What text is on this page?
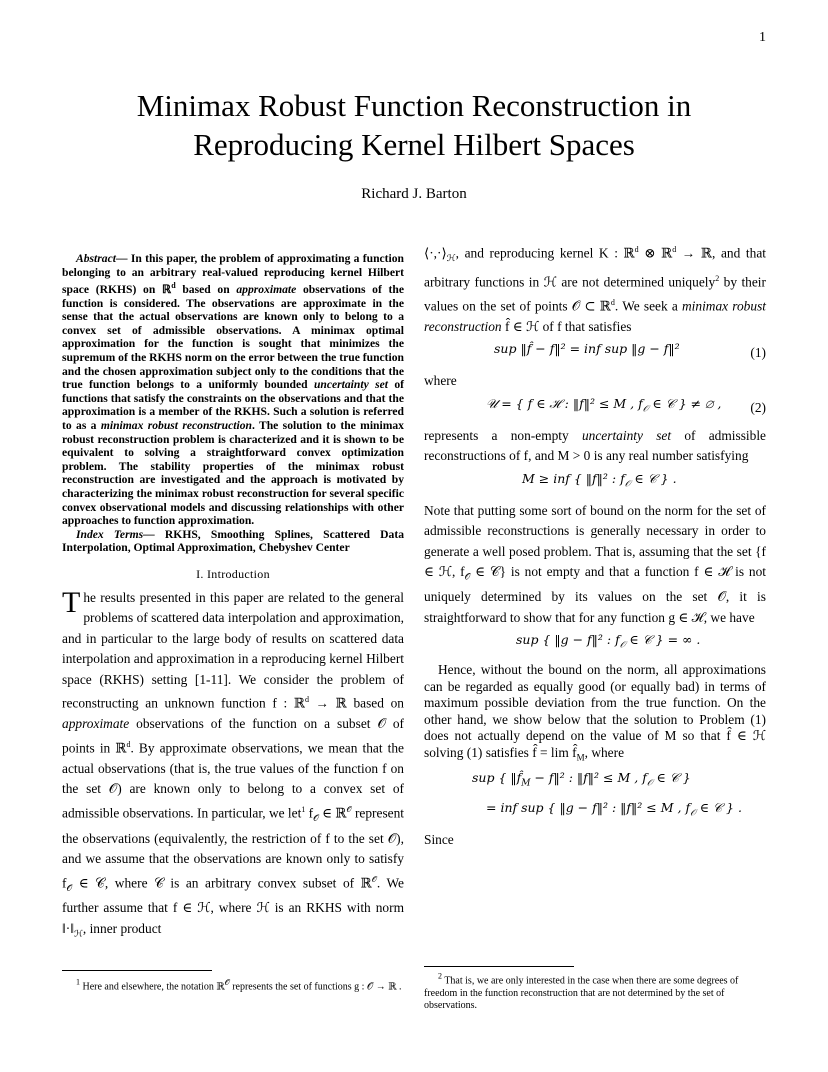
1
Minimax Robust Function Reconstruction in
Reproducing Kernel Hilbert Spaces
Richard J. Barton

Abstract— In this paper, the problem of approximating a function belonging to an arbitrary real-valued reproducing kernel Hilbert space (RKHS) on ℝ$^d$ based on approximate observations of the function is considered. The observations are approximate in the sense that the actual observations are known only to belong to a convex set of admissible observations. A minimax optimal approximation for the function is sought that minimizes the supremum of the RKHS norm on the error between the true function and the chosen approximation subject only to the conditions that the true function belongs to a uniformly bounded uncertainty set of functions that satisfy the constraints on the observations and that the approximation is a member of the RKHS. Such a solution is referred to as a minimax robust reconstruction. The solution to the minimax robust reconstruction problem is characterized and it is shown to be equivalent to solving a straightforward convex optimization problem. The stability properties of the minimax robust reconstruction are investigated and the approach is motivated by characterizing the minimax robust reconstruction for several specific convex observational models and discussing relationships with other approaches to function approximation.

Index Terms— RKHS, Smoothing Splines, Scattered Data Interpolation, Optimal Approximation, Chebyshev Center

I. Introduction

The results presented in this paper are related to the general problems of scattered data interpolation and approximation, and in particular to the large body of results on scattered data interpolation and approximation in a reproducing kernel Hilbert space (RKHS) setting [1-11]. We consider the problem of reconstructing an unknown function f : ℝ$^d$ → ℝ based on approximate observations of the function on a subset 𝒪 of points in ℝ$^d$. By approximate observations, we mean that the actual observations (that is, the true values of the function f on the set 𝒪) are known only to belong to a convex set of admissible observations. In particular, we let$^1$ $f_𝒪$ ∈ ℝ$^𝒪$ represent the observations (equivalently, the restriction of f to the set 𝒪), and we assume that the observations are known only to satisfy $f_𝒪$ ∈ 𝒞, where 𝒞 is an arbitrary convex subset of ℝ$^𝒪$. We further assume that f ∈ ℋ, where ℋ is an RKHS with norm $‖\cdot‖_ℋ$, inner product

$⟨\cdot,\cdot⟩_ℋ$, and reproducing kernel K : ℝ$^d$ ⊗ ℝ$^d$ → ℝ, and that arbitrary functions in ℋ are not determined uniquely$^2$ by their values on the set of points 𝒪 ⊂ ℝ$^d$. We seek a minimax robust reconstruction f̂ ∈ ℋ of f that satisfies

sup ‖f̂ − f‖² = inf sup ‖g − f‖²	(1)

where

𝒰 = { f ∈ ℋ : ‖f‖² ≤ M , $f_𝒪$ ∈ 𝒞 } ≠ ∅ , (2)

represents a non-empty uncertainty set of admissible reconstructions of f, and M > 0 is any real number satisfying

M ≥ inf { ‖f‖² : $f_𝒪$ ∈ 𝒞 } .

Note that putting some sort of bound on the norm for the set of admissible reconstructions is generally necessary in order to generate a well posed problem. That is, assuming that the set {f ∈ ℋ, $f_𝒪$ ∈ 𝒞} is not empty and that a function f ∈ ℋ is not uniquely determined by its values on the set 𝒪, it is straightforward to show that for any function g ∈ ℋ, we have

sup { ‖g − f‖² : $f_𝒪$ ∈ 𝒞 } = ∞ .

Hence, without the bound on the norm, all approximations can be regarded as equally good (or equally bad) in terms of maximum possible deviation from the true function. On the other hand, we show below that the solution to Problem (1) does not actually depend on the value of M so that f̂ ∈ ℋ solving (1) satisfies f̂ = $\lim f̂_M$, where

sup { $‖f̂_M$ − f‖² : ‖f‖² ≤ M , $f_𝒪$ ∈ 𝒞 }
= inf sup { ‖g − f‖² : ‖f‖² ≤ M , $f_𝒪$ ∈ 𝒞 } .

Since

$^1$ Here and elsewhere, the notation ℝ$^𝒪$ represents the set of functions g : 𝒪 → ℝ .
$^2$ That is, we are only interested in the case when there are some degrees of freedom in the function reconstruction that are not determined by the set of observations.
